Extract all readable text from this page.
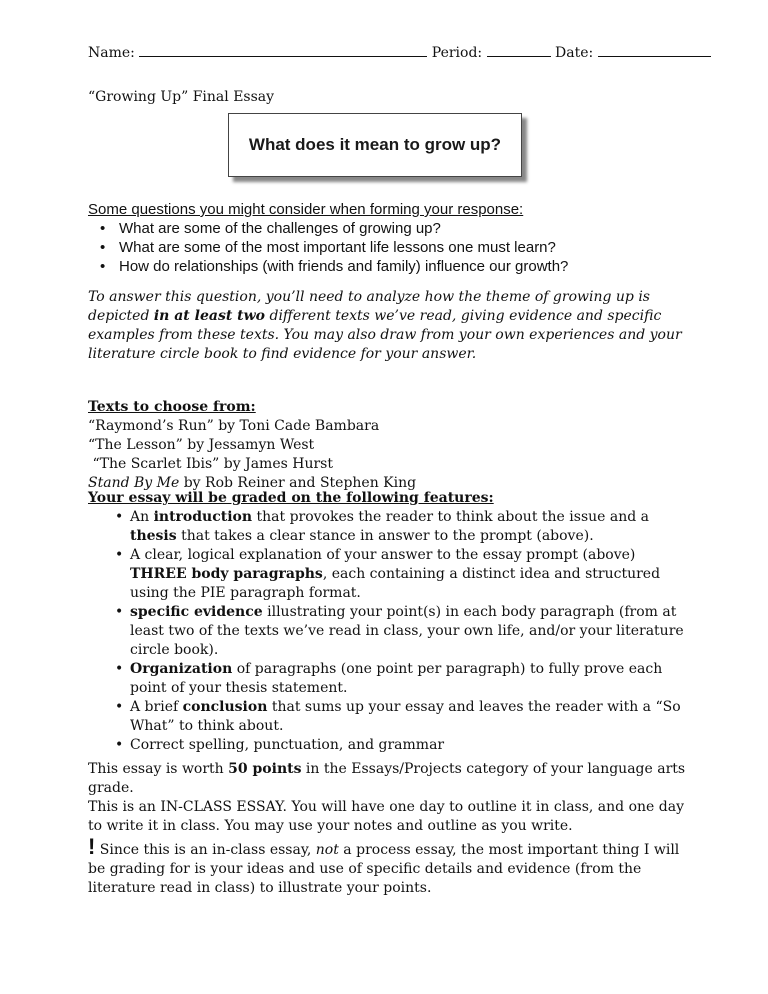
Name:	Period:	Date:
“Growing Up” Final Essay
What does it mean to grow up?
Some questions you might consider when forming your response:
• What are some of the challenges of growing up?
• What are some of the most important life lessons one must learn?
• How do relationships (with friends and family) influence our growth?
To answer this question, you’ll need to analyze how the theme of growing up is depicted in at least two different texts we’ve read, giving evidence and specific examples from these texts. You may also draw from your own experiences and your literature circle book to find evidence for your answer.
Texts to choose from:
“Raymond’s Run” by Toni Cade Bambara
“The Lesson” by Jessamyn West
“The Scarlet Ibis” by James Hurst
Stand By Me by Rob Reiner and Stephen King
Your essay will be graded on the following features:
• An introduction that provokes the reader to think about the issue and a thesis that takes a clear stance in answer to the prompt (above).
• A clear, logical explanation of your answer to the essay prompt (above) THREE body paragraphs, each containing a distinct idea and structured using the PIE paragraph format.
• specific evidence illustrating your point(s) in each body paragraph (from at least two of the texts we’ve read in class, your own life, and/or your literature circle book).
• Organization of paragraphs (one point per paragraph) to fully prove each point of your thesis statement.
• A brief conclusion that sums up your essay and leaves the reader with a “So What” to think about.
• Correct spelling, punctuation, and grammar
This essay is worth 50 points in the Essays/Projects category of your language arts grade.
This is an IN-CLASS ESSAY. You will have one day to outline it in class, and one day to write it in class. You may use your notes and outline as you write.
! Since this is an in-class essay, not a process essay, the most important thing I will be grading for is your ideas and use of specific details and evidence (from the literature read in class) to illustrate your points.
